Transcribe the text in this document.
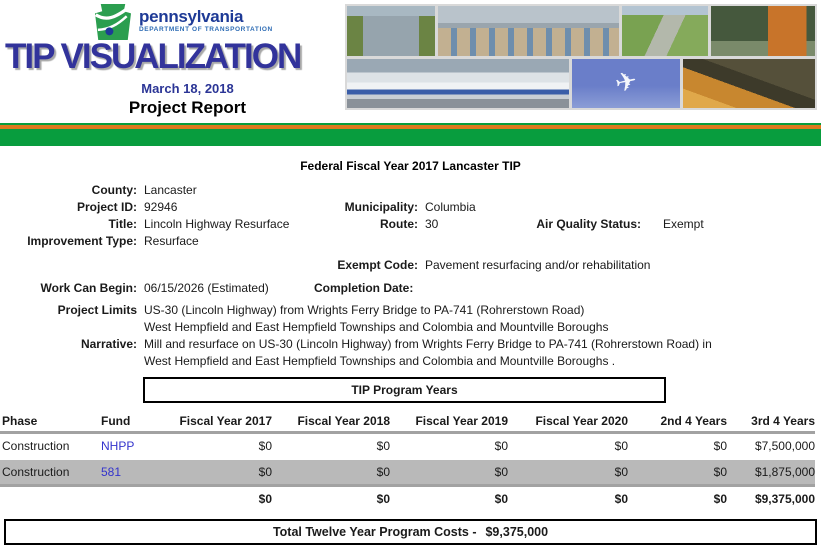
pennsylvania
DEPARTMENT OF TRANSPORTATION
TIP VISUALIZATION
March 18, 2018
Project Report
✈
Federal Fiscal Year 2017 Lancaster TIP
County: Lancaster
Project ID: 92946	Municipality: Columbia
Title: Lincoln Highway Resurface	Route: 30	Air Quality Status:	Exempt
Improvement Type: Resurface
Exempt Code: Pavement resurfacing and/or rehabilitation
Work Can Begin: 06/15/2026 (Estimated)	Completion Date:
Project Limits US-30 (Lincoln Highway) from Wrights Ferry Bridge to PA-741 (Rohrerstown Road)
West Hempfield and East Hempfield Townships and Colombia and Mountville Boroughs
Narrative: Mill and resurface on US-30 (Lincoln Highway) from Wrights Ferry Bridge to PA-741 (Rohrerstown Road) in
West Hempfield and East Hempfield Townships and Colombia and Mountville Boroughs .
TIP Program Years
Phase	Fund	Fiscal Year 2017	Fiscal Year 2018	Fiscal Year 2019	Fiscal Year 2020	2nd 4 Years	3rd 4 Years
Construction	NHPP	$0	$0	$0	$0	$0	$7,500,000
Construction	581	$0	$0	$0	$0	$0	$1,875,000
		$0	$0	$0	$0	$0	$9,375,000
Total Twelve Year Program Costs - $9,375,000
